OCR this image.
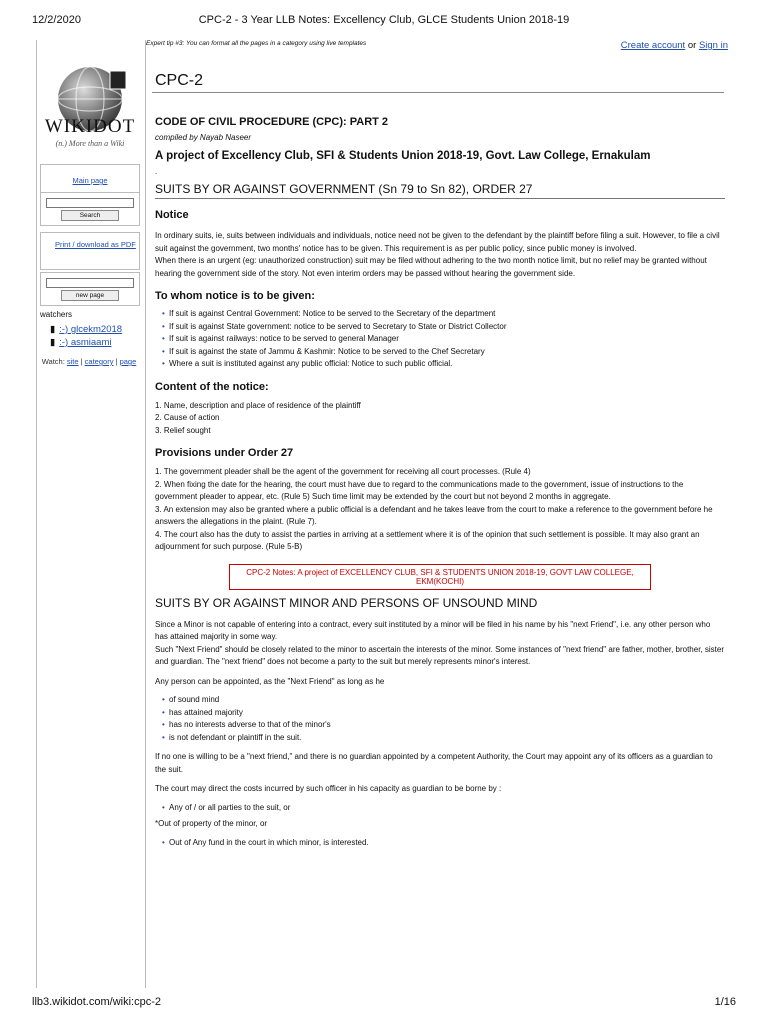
12/2/2020	CPC-2 - 3 Year LLB Notes: Excellency Club, GLCE Students Union 2018-19
WIKIDOT
(n.) More than a Wiki
Main page
Search
Print / download as PDF
new page
watchers
▮ :-) glcekm2018
▮ :-) asmiaami
Watch: site | category | page
Expert tip #3: You can format all the pages in a category using live templates	Create account or Sign in
CPC-2
CODE OF CIVIL PROCEDURE (CPC): PART 2
compiled by Nayab Naseer
A project of Excellency Club, SFI & Students Union 2018-19, Govt. Law College, Ernakulam
.
SUITS BY OR AGAINST GOVERNMENT (Sn 79 to Sn 82), ORDER 27
Notice
In ordinary suits, ie, suits between individuals and individuals, notice need not be given to the defendant by the plaintiff before filing a suit. However, to file a civil suit against the government, two months' notice has to be given. This requirement is as per public policy, since public money is involved.
When there is an urgent (eg: unauthorized construction) suit may be filed without adhering to the two month notice limit, but no relief may be granted without hearing the government side of the story. Not even interim orders may be passed without hearing the government side.
To whom notice is to be given:
• If suit is against Central Government: Notice to be served to the Secretary of the department
• If suit is against State government: notice to be served to Secretary to State or District Collector
• If suit is against railways: notice to be served to general Manager
• If suit is against the state of Jammu & Kashmir: Notice to be served to the Chef Secretary
• Where a suit is instituted against any public official: Notice to such public official.
Content of the notice:
1. Name, description and place of residence of the plaintiff
2. Cause of action
3. Relief sought
Provisions under Order 27
1. The government pleader shall be the agent of the government for receiving all court processes. (Rule 4)
2. When fixing the date for the hearing, the court must have due to regard to the communications made to the government, issue of instructions to the government pleader to appear, etc. (Rule 5) Such time limit may be extended by the court but not beyond 2 months in aggregate.
3. An extension may also be granted where a public official is a defendant and he takes leave from the court to make a reference to the government before he answers the allegations in the plaint. (Rule 7).
4. The court also has the duty to assist the parties in arriving at a settlement where it is of the opinion that such settlement is possible. It may also grant an adjournment for such purpose. (Rule 5-B)
CPC-2 Notes: A project of EXCELLENCY CLUB, SFI & STUDENTS UNION 2018-19, GOVT LAW COLLEGE, EKM(KOCHI)
SUITS BY OR AGAINST MINOR AND PERSONS OF UNSOUND MIND
Since a Minor is not capable of entering into a contract, every suit instituted by a minor will be filed in his name by his "next Friend", i.e. any other person who has attained majority in some way.
Such "Next Friend" should be closely related to the minor to ascertain the interests of the minor. Some instances of "next friend" are father, mother, brother, sister and guardian. The "next friend" does not become a party to the suit but merely represents minor's interest.
Any person can be appointed, as the "Next Friend" as long as he
• of sound mind
• has attained majority
• has no interests adverse to that of the minor's
• is not defendant or plaintiff in the suit.
If no one is willing to be a "next friend," and there is no guardian appointed by a competent Authority, the Court may appoint any of its officers as a guardian to the suit.
The court may direct the costs incurred by such officer in his capacity as guardian to be borne by :
• Any of / or all parties to the suit, or
*Out of property of the minor, or
• Out of Any fund in the court in which minor, is interested.
llb3.wikidot.com/wiki:cpc-2	1/16
